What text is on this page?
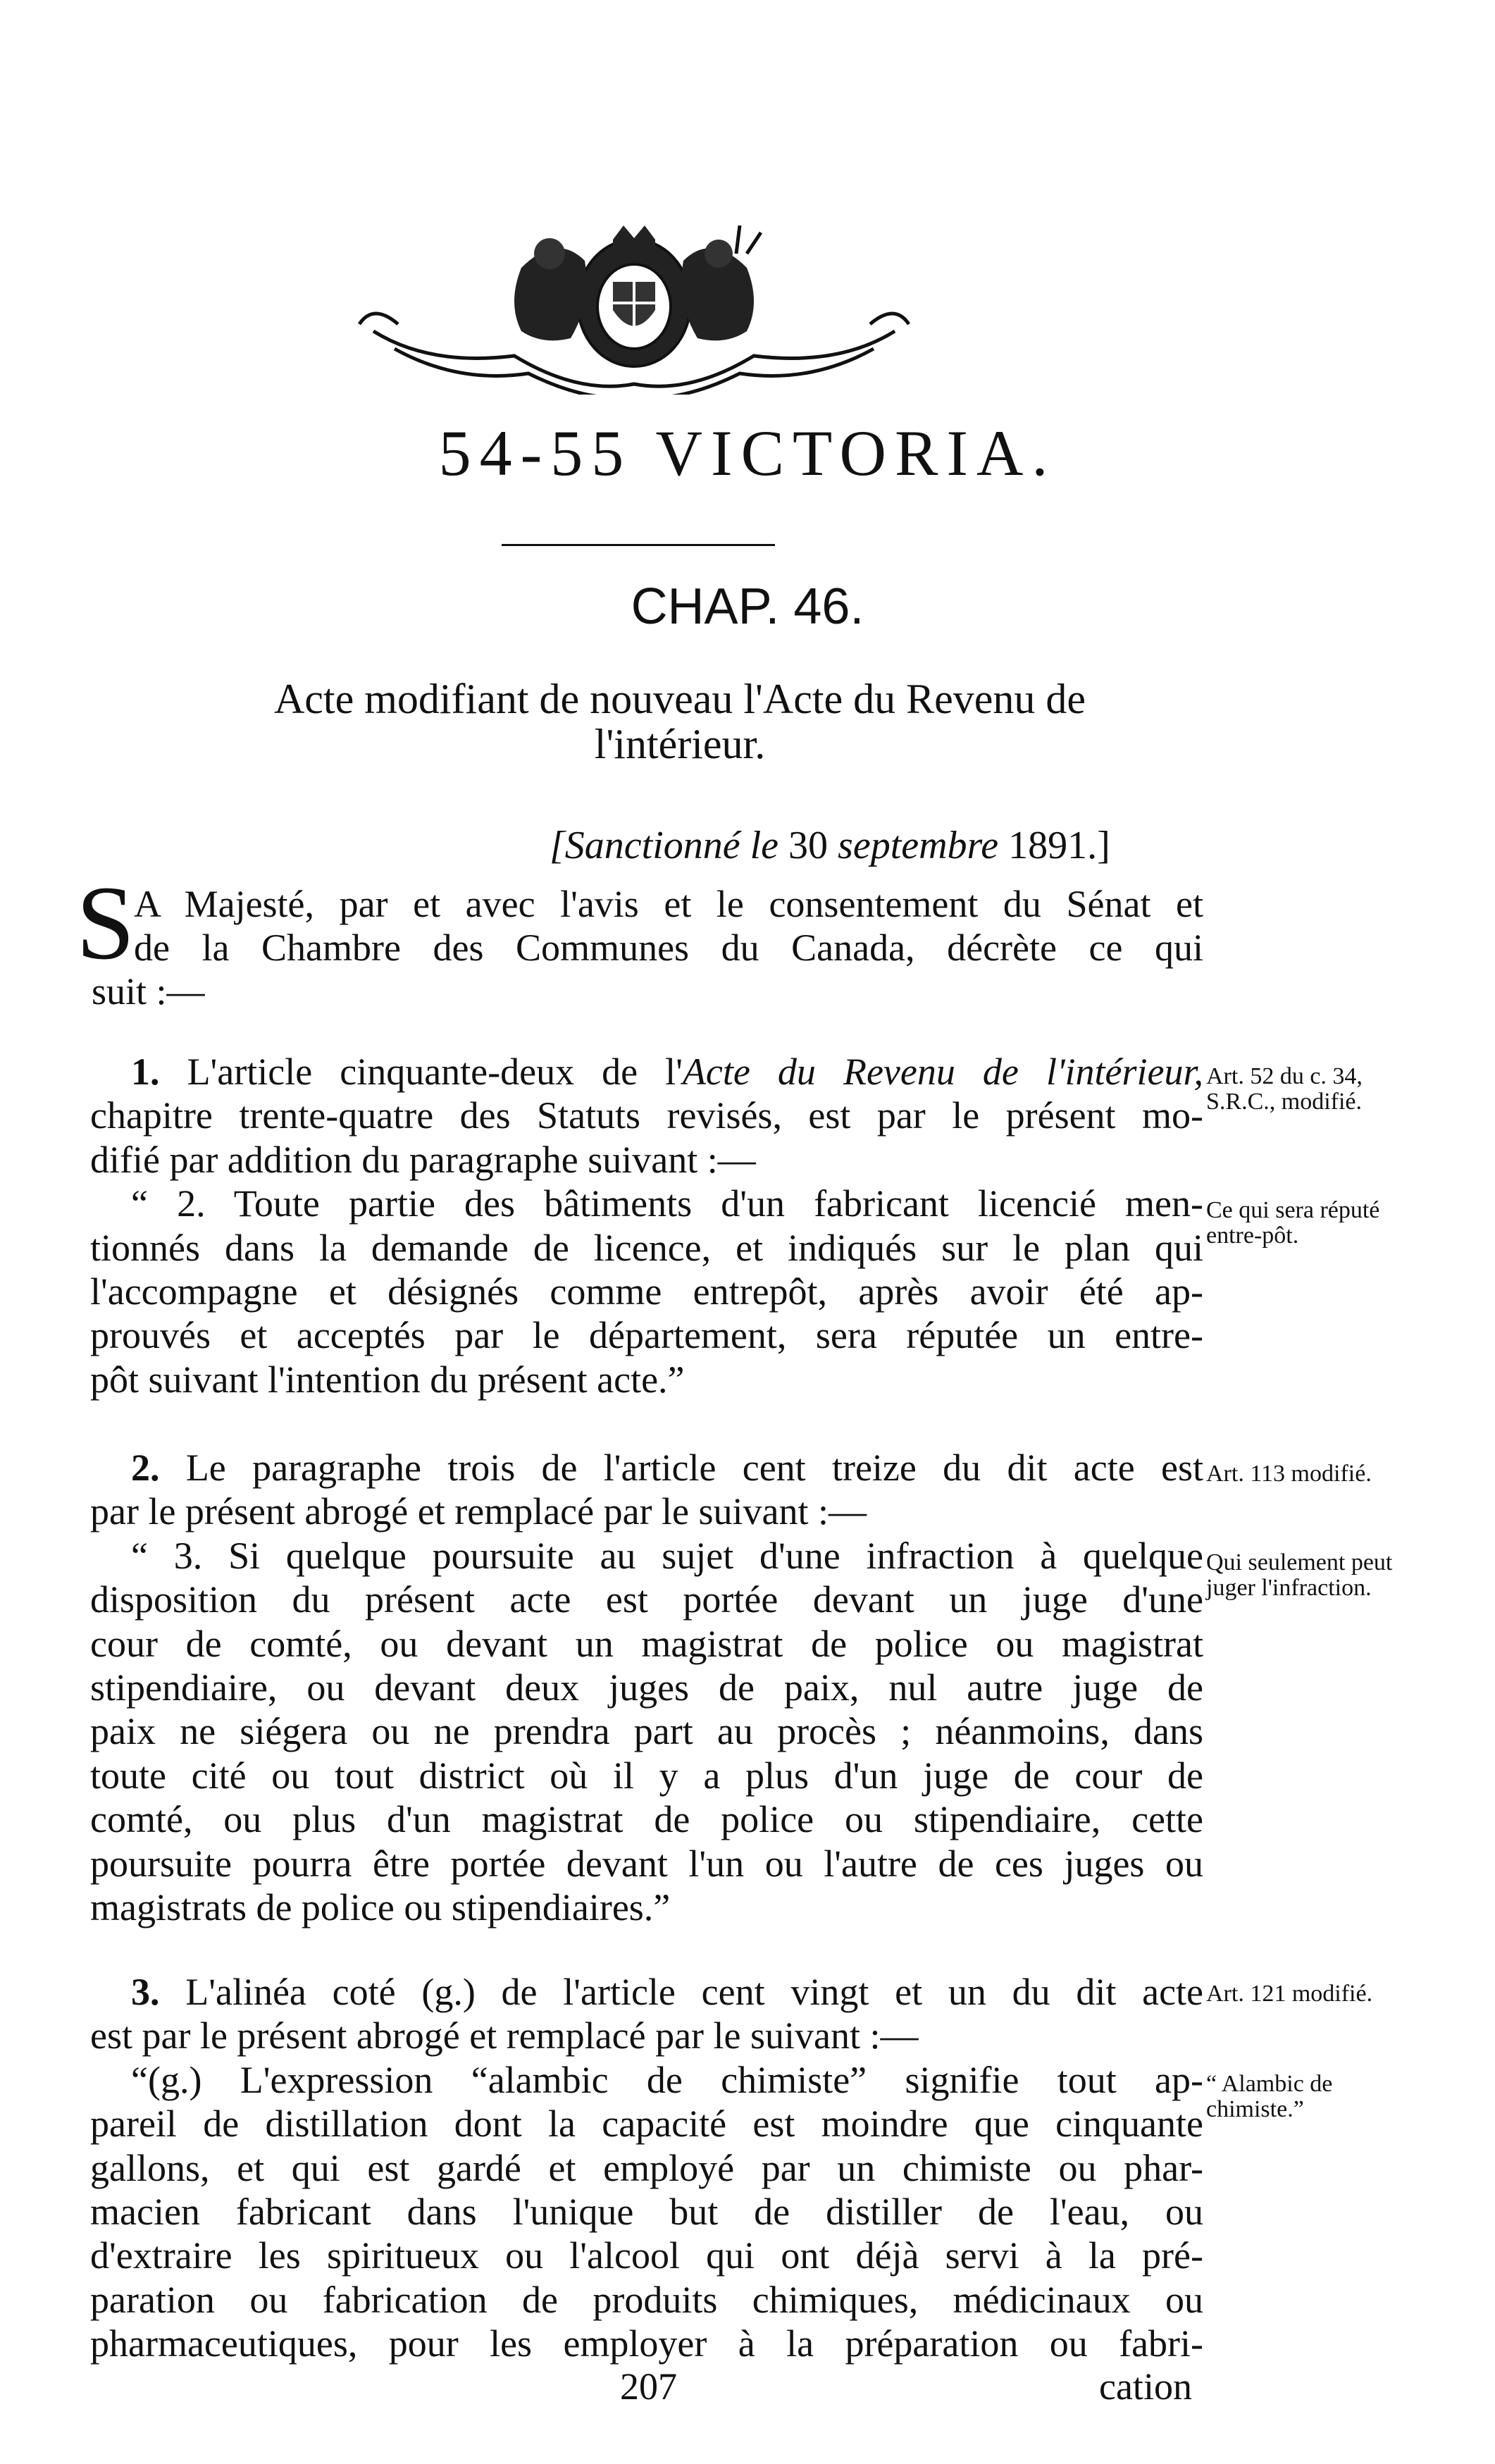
54-55 VICTORIA.
CHAP. 46.
Acte modifiant de nouveau l'Acte du Revenu de
l'intérieur.
[Sanctionné le 30 septembre 1891.]
S
A Majesté, par et avec l'avis et le consentement du Sénat et
de la Chambre des Communes du Canada, décrète ce qui
suit :—
1. L'article cinquante-deux de l'Acte du Revenu de l'intérieur,
chapitre trente-quatre des Statuts revisés, est par le présent mo-
difié par addition du paragraphe suivant :—
“ 2. Toute partie des bâtiments d'un fabricant licencié men-
tionnés dans la demande de licence, et indiqués sur le plan qui
l'accompagne et désignés comme entrepôt, après avoir été ap-
prouvés et acceptés par le département, sera réputée un entre-
pôt suivant l'intention du présent acte.”
Art. 52 du c. 34, S.R.C., modifié.
Ce qui sera réputé entre-pôt.
2. Le paragraphe trois de l'article cent treize du dit acte est
par le présent abrogé et remplacé par le suivant :—
“ 3. Si quelque poursuite au sujet d'une infraction à quelque
disposition du présent acte est portée devant un juge d'une
cour de comté, ou devant un magistrat de police ou magistrat
stipendiaire, ou devant deux juges de paix, nul autre juge de
paix ne siégera ou ne prendra part au procès ; néanmoins, dans
toute cité ou tout district où il y a plus d'un juge de cour de
comté, ou plus d'un magistrat de police ou stipendiaire, cette
poursuite pourra être portée devant l'un ou l'autre de ces juges ou
magistrats de police ou stipendiaires.”
Art. 113 modifié.
Qui seulement peut juger l'infraction.
3. L'alinéa coté (g.) de l'article cent vingt et un du dit acte
est par le présent abrogé et remplacé par le suivant :—
“(g.) L'expression “alambic de chimiste” signifie tout ap-
pareil de distillation dont la capacité est moindre que cinquante
gallons, et qui est gardé et employé par un chimiste ou phar-
macien fabricant dans l'unique but de distiller de l'eau, ou
d'extraire les spiritueux ou l'alcool qui ont déjà servi à la pré-
paration ou fabrication de produits chimiques, médicinaux ou
pharmaceutiques, pour les employer à la préparation ou fabri-
Art. 121 modifié.
“ Alambic de chimiste.”
207	cation
